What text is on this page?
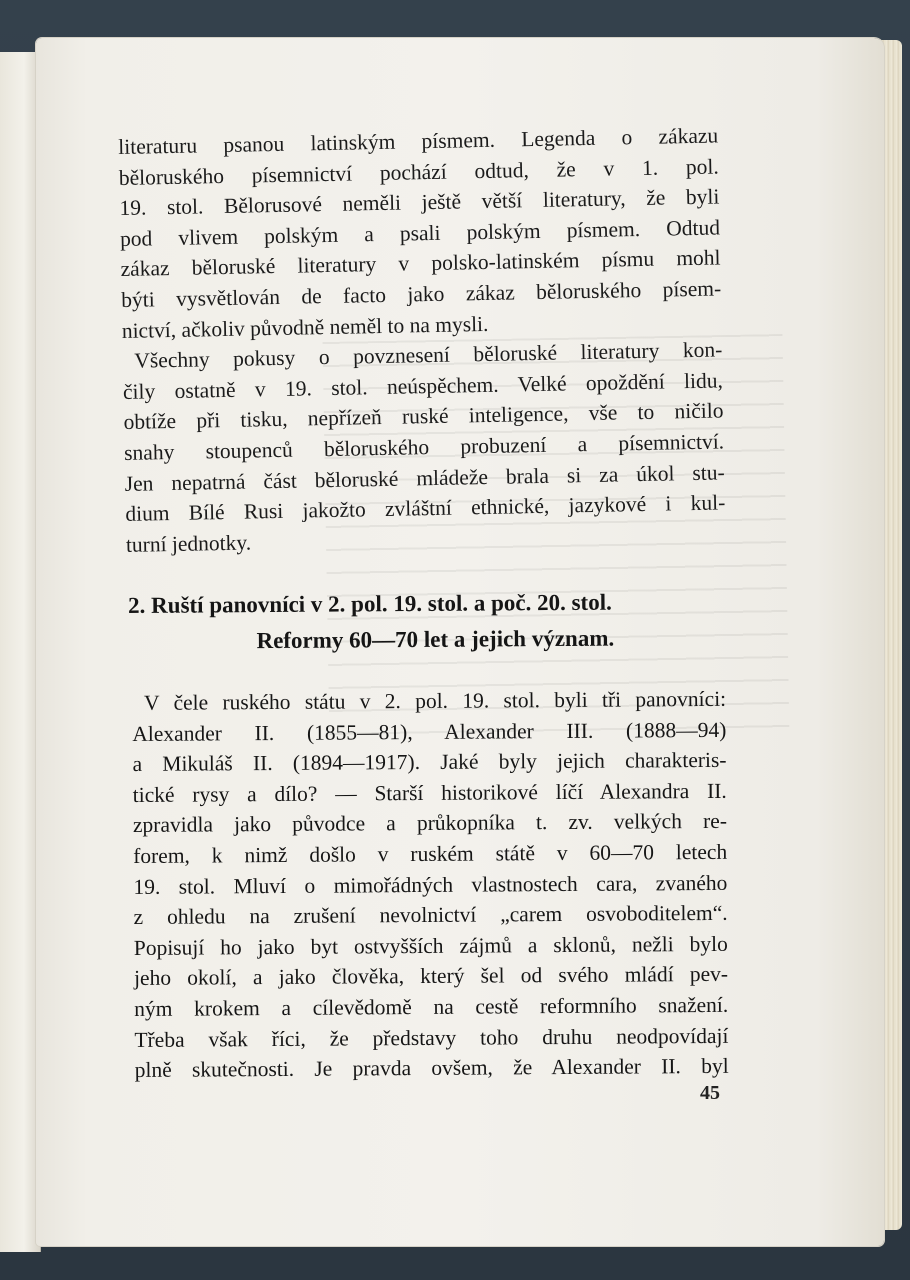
literaturu psanou latinským písmem. Legenda o zákazu
běloruského písemnictví pochází odtud, že v 1. pol.
19. stol. Bělorusové neměli ještě větší literatury, že byli
pod vlivem polským a psali polským písmem. Odtud
zákaz běloruské literatury v polsko-latinském písmu mohl
býti vysvětlován de facto jako zákaz běloruského písem-
nictví, ačkoliv původně neměl to na mysli.
Všechny pokusy o povznesení běloruské literatury kon-
čily ostatně v 19. stol. neúspěchem. Velké opoždění lidu,
obtíže při tisku, nepřízeň ruské inteligence, vše to ničilo
snahy stoupenců běloruského probuzení a písemnictví.
Jen nepatrná část běloruské mládeže brala si za úkol stu-
dium Bílé Rusi jakožto zvláštní ethnické, jazykové i kul-
turní jednotky.
2. Ruští panovníci v 2. pol. 19. stol. a poč. 20. stol.
Reformy 60—70 let a jejich význam.
V čele ruského státu v 2. pol. 19. stol. byli tři panovníci:
Alexander II. (1855—81), Alexander III. (1888—94)
a Mikuláš II. (1894—1917). Jaké byly jejich charakteris-
tické rysy a dílo? — Starší historikové líčí Alexandra II.
zpravidla jako původce a průkopníka t. zv. velkých re-
forem, k nimž došlo v ruském státě v 60—70 letech
19. stol. Mluví o mimořádných vlastnostech cara, zvaného
z ohledu na zrušení nevolnictví „carem osvoboditelem“.
Popisují ho jako byt ostvyšších zájmů a sklonů, nežli bylo
jeho okolí, a jako člověka, který šel od svého mládí pev-
ným krokem a cílevědomě na cestě reformního snažení.
Třeba však říci, že představy toho druhu neodpovídají
plně skutečnosti. Je pravda ovšem, že Alexander II. byl
45
